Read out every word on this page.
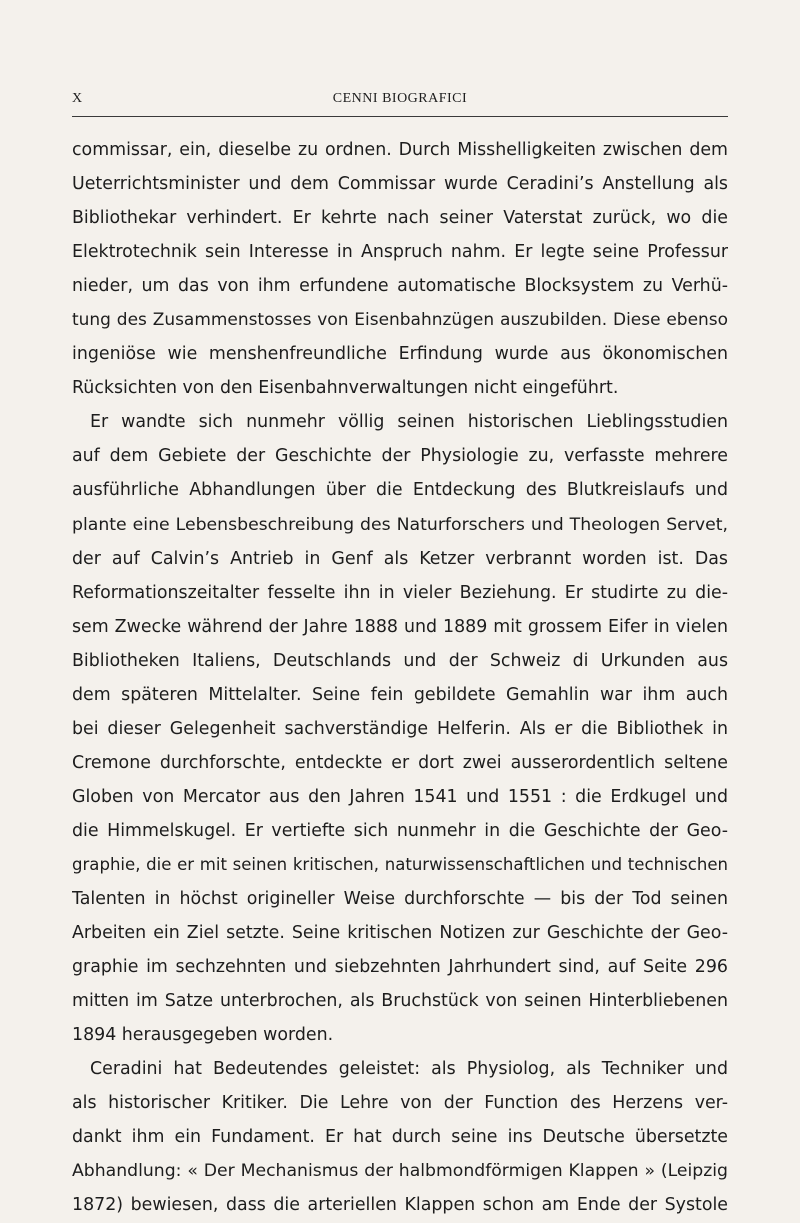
X	CENNI BIOGRAFICI
commissar, ein, dieselbe zu ordnen. Durch Misshelligkeiten zwischen dem
Ueterrichtsminister und dem Commissar wurde Ceradini’s Anstellung als
Bibliothekar verhindert. Er kehrte nach seiner Vaterstat zurück, wo die
Elektrotechnik sein Interesse in Anspruch nahm. Er legte seine Professur
nieder, um das von ihm erfundene automatische Blocksystem zu Verhü-
tung des Zusammenstosses von Eisenbahnzügen auszubilden. Diese ebenso
ingeniöse wie menshenfreundliche Erfindung wurde aus ökonomischen
Rücksichten von den Eisenbahnverwaltungen nicht eingeführt.
Er wandte sich nunmehr völlig seinen historischen Lieblingsstudien
auf dem Gebiete der Geschichte der Physiologie zu, verfasste mehrere
ausführliche Abhandlungen über die Entdeckung des Blutkreislaufs und
plante eine Lebensbeschreibung des Naturforschers und Theologen Servet,
der auf Calvin’s Antrieb in Genf als Ketzer verbrannt worden ist. Das
Reformationszeitalter fesselte ihn in vieler Beziehung. Er studirte zu die-
sem Zwecke während der Jahre 1888 und 1889 mit grossem Eifer in vielen
Bibliotheken Italiens, Deutschlands und der Schweiz di Urkunden aus
dem späteren Mittelalter. Seine fein gebildete Gemahlin war ihm auch
bei dieser Gelegenheit sachverständige Helferin. Als er die Bibliothek in
Cremone durchforschte, entdeckte er dort zwei ausserordentlich seltene
Globen von Mercator aus den Jahren 1541 und 1551 : die Erdkugel und
die Himmelskugel. Er vertiefte sich nunmehr in die Geschichte der Geo-
graphie, die er mit seinen kritischen, naturwissenschaftlichen und technischen
Talenten in höchst origineller Weise durchforschte — bis der Tod seinen
Arbeiten ein Ziel setzte. Seine kritischen Notizen zur Geschichte der Geo-
graphie im sechzehnten und siebzehnten Jahrhundert sind, auf Seite 296
mitten im Satze unterbrochen, als Bruchstück von seinen Hinterbliebenen
1894 herausgegeben worden.
Ceradini hat Bedeutendes geleistet: als Physiolog, als Techniker und
als historischer Kritiker. Die Lehre von der Function des Herzens ver-
dankt ihm ein Fundament. Er hat durch seine ins Deutsche übersetzte
Abhandlung: « Der Mechanismus der halbmondförmigen Klappen » (Leipzig
1872) bewiesen, dass die arteriellen Klappen schon am Ende der Systole
